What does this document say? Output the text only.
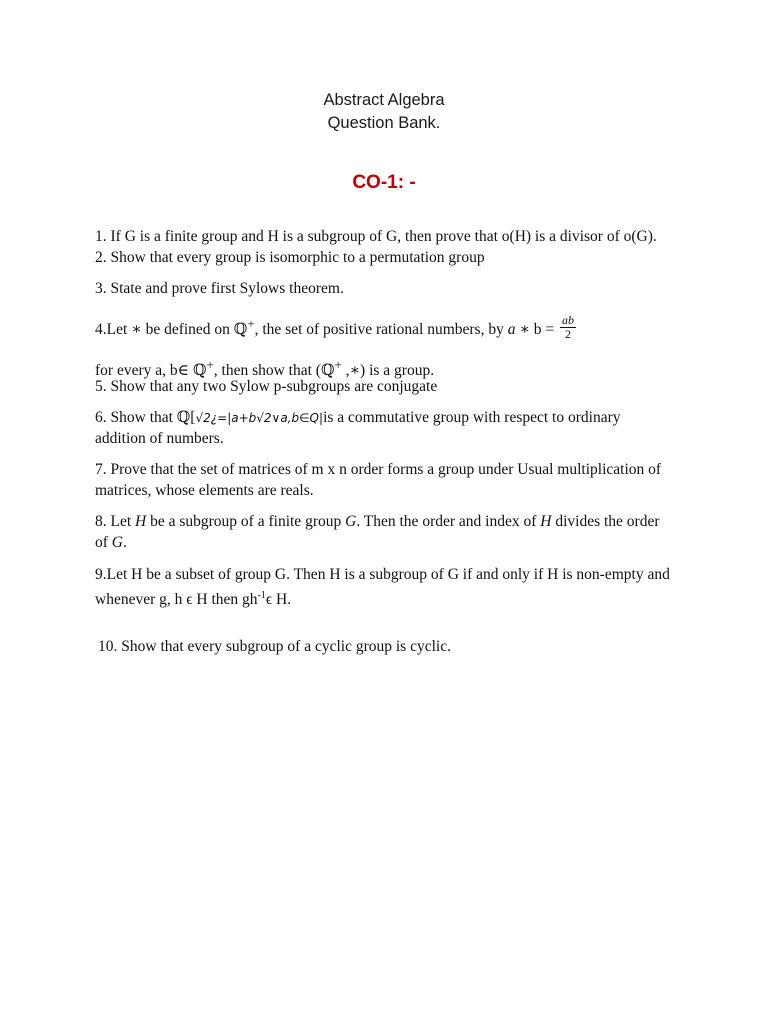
Abstract Algebra
Question Bank.
CO-1: -
1. If G is a finite group and H is a subgroup of G, then prove that o(H) is a divisor of o(G).
2. Show that every group is isomorphic to a permutation group
3. State and prove first Sylows theorem.
4.Let ∗ be defined on ℚ+, the set of positive rational numbers, by a ∗ $b = \frac{ab}{2}$
for every a, b∈ ℚ+, then show that (ℚ+ ,∗) is a group.
5. Show that any two Sylow p-subgroups are conjugate
6. Show that ℚ[√2¿=|a+b√2∨a,b∈Q|is a commutative group with respect to ordinary
addition of numbers.
7. Prove that the set of matrices of m x n order forms a group under Usual multiplication of
matrices, whose elements are reals.
8. Let H be a subgroup of a finite group G. Then the order and index of H divides the order
of G.
9.Let H be a subset of group G. Then H is a subgroup of G if and only if H is non-empty and
whenever g, h ϵ H then $gh^{-1}\epsilon$ H.
10. Show that every subgroup of a cyclic group is cyclic.
